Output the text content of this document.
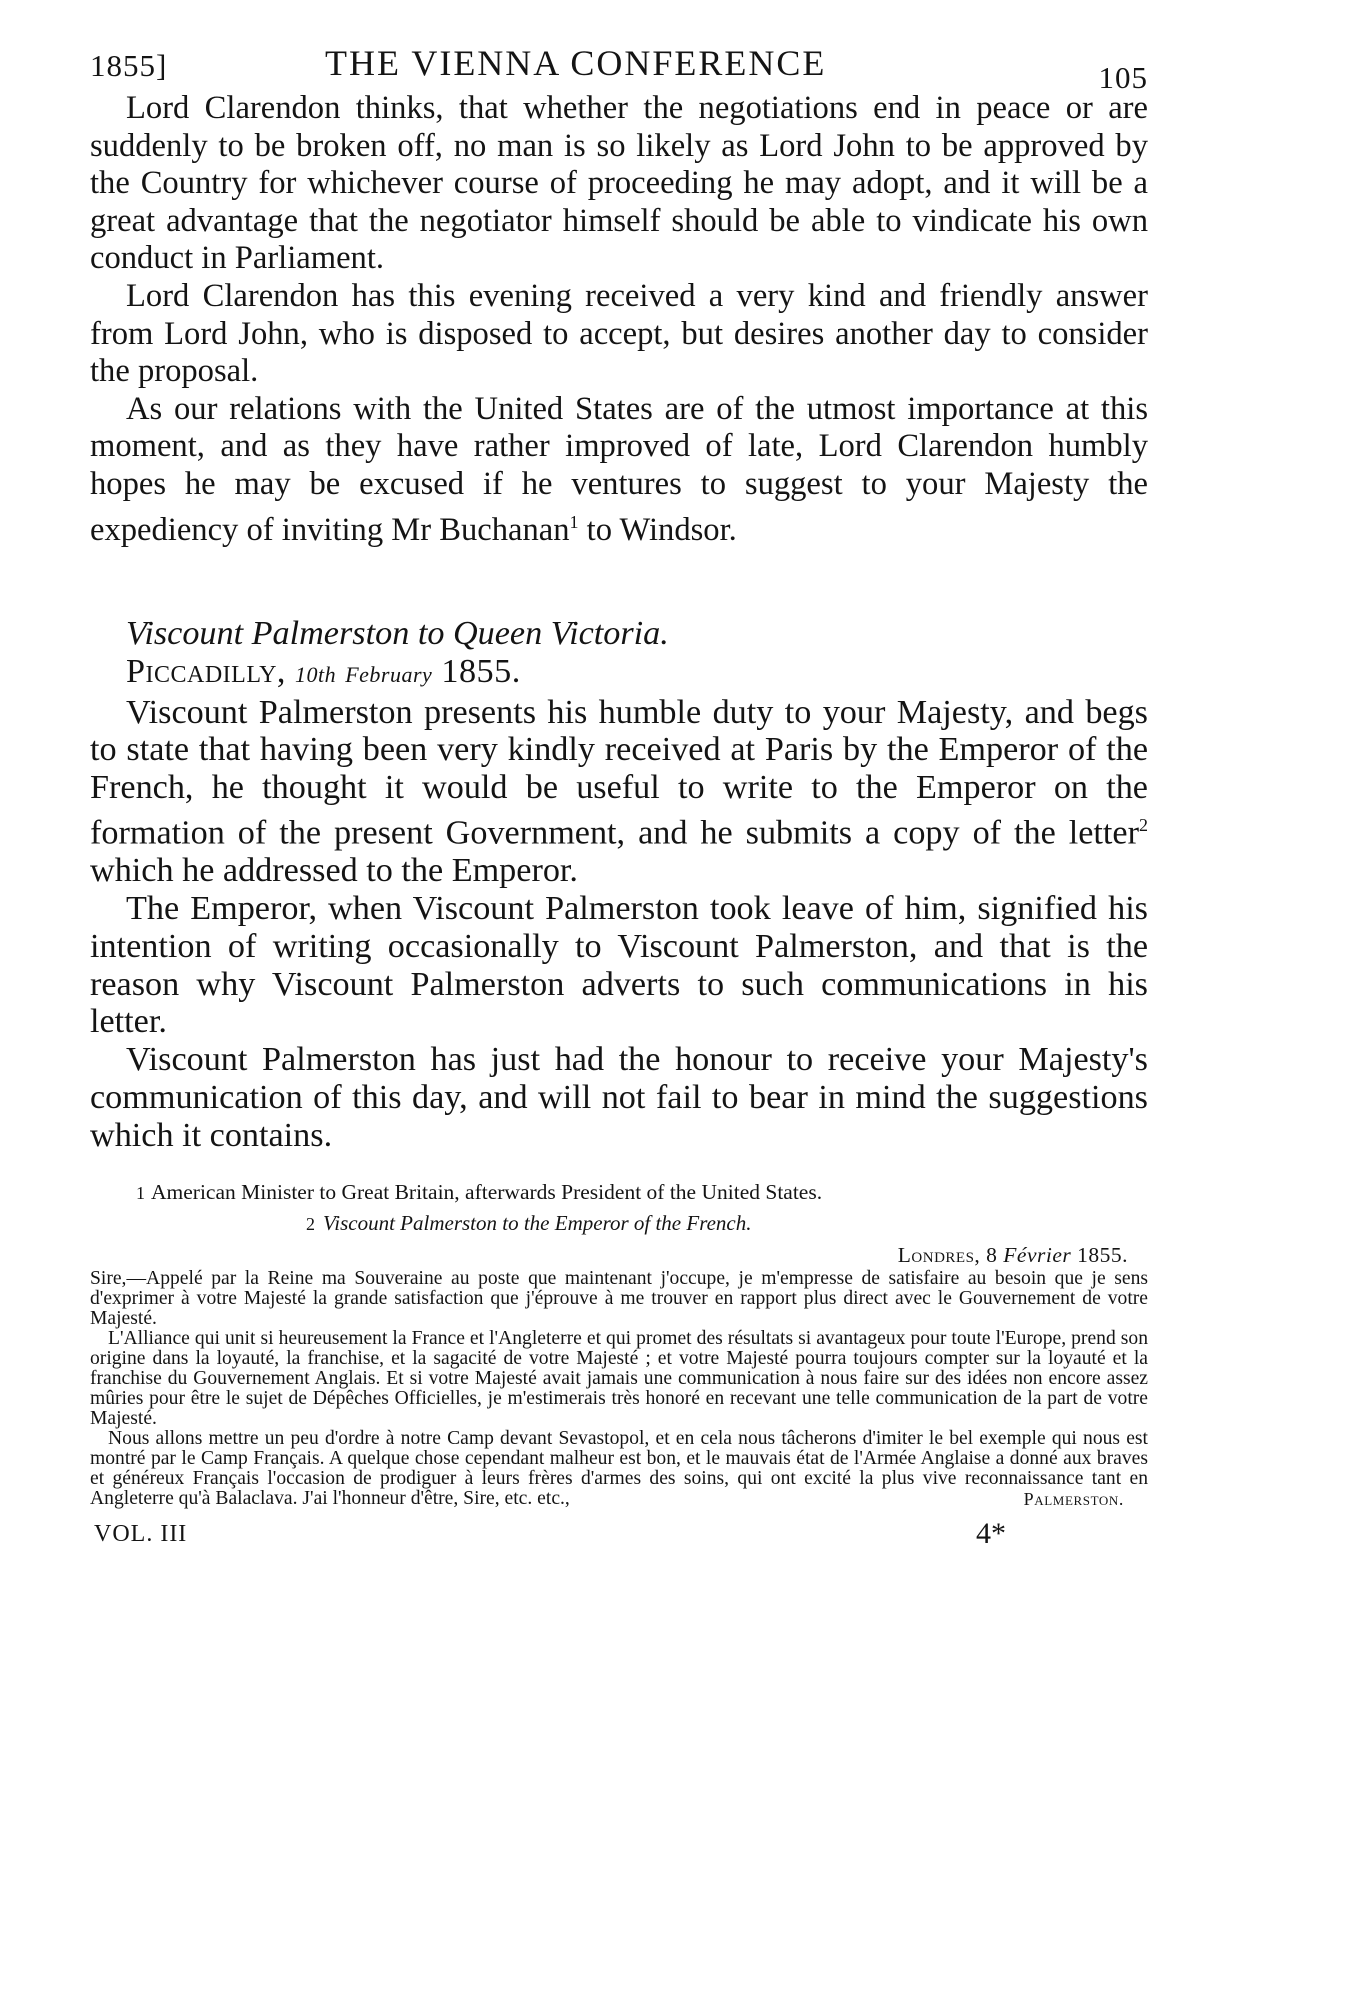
1855]	THE VIENNA CONFERENCE	105

Lord Clarendon thinks, that whether the negotiations end in peace or are suddenly to be broken off, no man is so likely as Lord John to be approved by the Country for whichever course of proceeding he may adopt, and it will be a great advantage that the negotiator himself should be able to vindicate his own conduct in Parliament.

Lord Clarendon has this evening received a very kind and friendly answer from Lord John, who is disposed to accept, but desires another day to consider the proposal.

As our relations with the United States are of the utmost importance at this moment, and as they have rather improved of late, Lord Clarendon humbly hopes he may be excused if he ventures to suggest to your Majesty the expediency of inviting Mr Buchanan$^1$ to Windsor.

Viscount Palmerston to Queen Victoria.

Piccadilly, 10th February 1855.

Viscount Palmerston presents his humble duty to your Majesty, and begs to state that having been very kindly received at Paris by the Emperor of the French, he thought it would be useful to write to the Emperor on the formation of the present Government, and he submits a copy of the letter$^2$ which he addressed to the Emperor.

The Emperor, when Viscount Palmerston took leave of him, signified his intention of writing occasionally to Viscount Palmerston, and that is the reason why Viscount Palmerston adverts to such communications in his letter.

Viscount Palmerston has just had the honour to receive your Majesty's communication of this day, and will not fail to bear in mind the suggestions which it contains.

1 American Minister to Great Britain, afterwards President of the United States.

2 Viscount Palmerston to the Emperor of the French.

Londres, 8 Février 1855.

Sire,—Appelé par la Reine ma Souveraine au poste que maintenant j'occupe, je m'empresse de satisfaire au besoin que je sens d'exprimer à votre Majesté la grande satisfaction que j'éprouve à me trouver en rapport plus direct avec le Gouvernement de votre Majesté.

L'Alliance qui unit si heureusement la France et l'Angleterre et qui promet des résultats si avantageux pour toute l'Europe, prend son origine dans la loyauté, la franchise, et la sagacité de votre Majesté ; et votre Majesté pourra toujours compter sur la loyauté et la franchise du Gouvernement Anglais. Et si votre Majesté avait jamais une communication à nous faire sur des idées non encore assez mûries pour être le sujet de Dépêches Officielles, je m'estimerais très honoré en recevant une telle communication de la part de votre Majesté.

Nous allons mettre un peu d'ordre à notre Camp devant Sevastopol, et en cela nous tâcherons d'imiter le bel exemple qui nous est montré par le Camp Français. A quelque chose cependant malheur est bon, et le mauvais état de l'Armée Anglaise a donné aux braves et généreux Français l'occasion de prodiguer à leurs frères d'armes des soins, qui ont excité la plus vive reconnaissance tant en Angleterre qu'à Balaclava. J'ai l'honneur d'être, Sire, etc. etc.,	Palmerston.

VOL. III	4*
